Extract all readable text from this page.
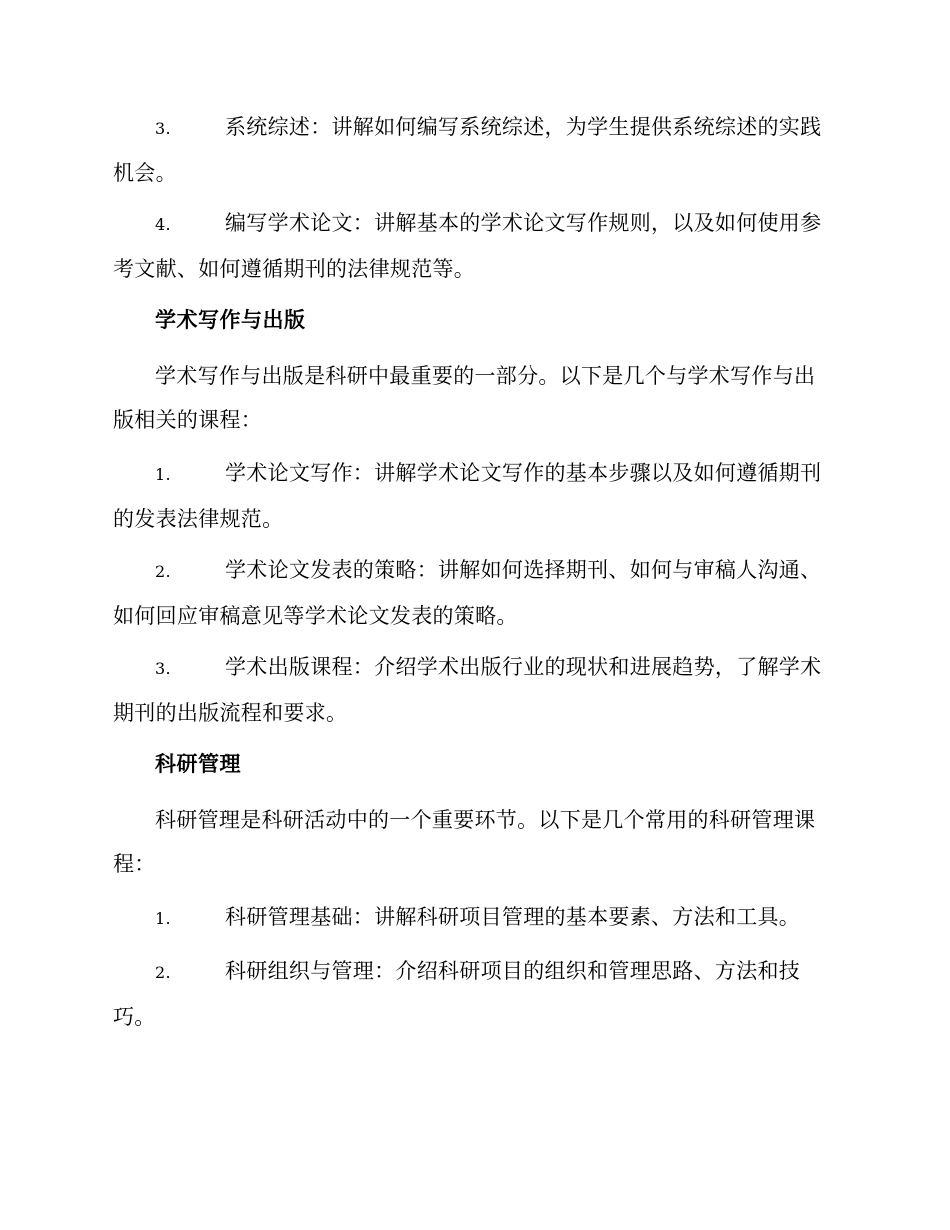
3.	系统综述：讲解如何编写系统综述，为学生提供系统综述的实践机会。

4.	编写学术论文：讲解基本的学术论文写作规则，以及如何使用参考文献、如何遵循期刊的法律规范等。

学术写作与出版

学术写作与出版是科研中最重要的一部分。以下是几个与学术写作与出版相关的课程：

1.	学术论文写作：讲解学术论文写作的基本步骤以及如何遵循期刊的发表法律规范。

2.	学术论文发表的策略：讲解如何选择期刊、如何与审稿人沟通、如何回应审稿意见等学术论文发表的策略。

3.	学术出版课程：介绍学术出版行业的现状和进展趋势，了解学术期刊的出版流程和要求。

科研管理

科研管理是科研活动中的一个重要环节。以下是几个常用的科研管理课程：

1.	科研管理基础：讲解科研项目管理的基本要素、方法和工具。

2.	科研组织与管理：介绍科研项目的组织和管理思路、方法和技巧。
